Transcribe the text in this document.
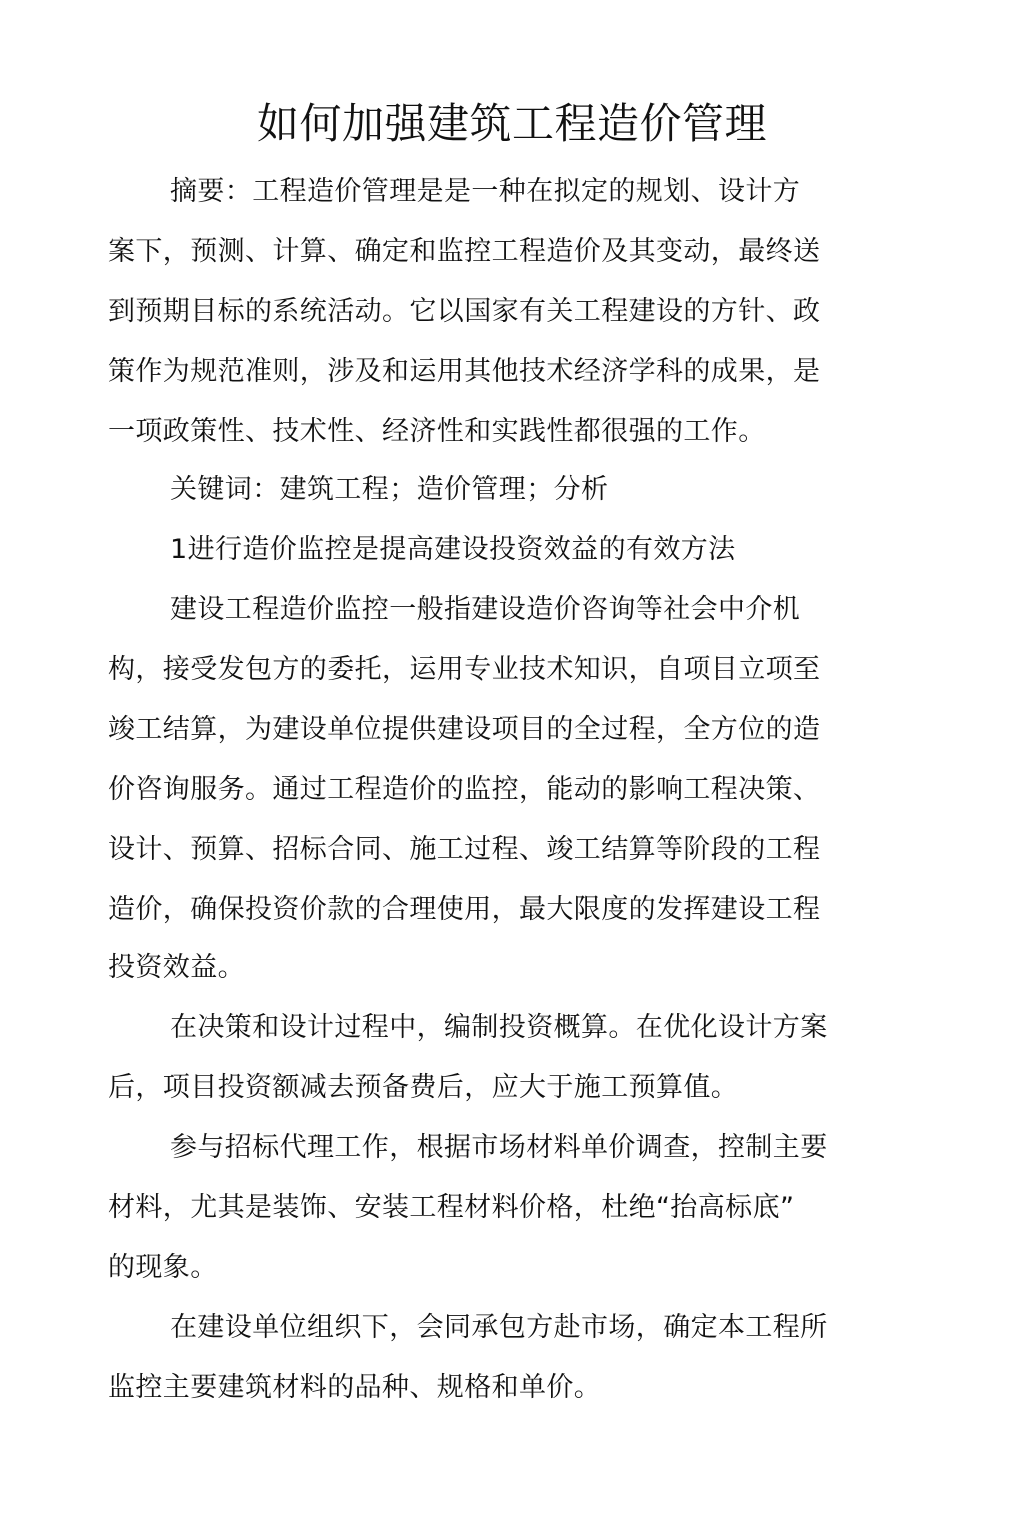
如何加强建筑工程造价管理

摘要：工程造价管理是是一种在拟定的规划、设计方

案下，预测、计算、确定和监控工程造价及其变动，最终送

到预期目标的系统活动。它以国家有关工程建设的方针、政

策作为规范准则，涉及和运用其他技术经济学科的成果，是

一项政策性、技术性、经济性和实践性都很强的工作。

关键词：建筑工程；造价管理；分析

1进行造价监控是提高建设投资效益的有效方法

建设工程造价监控一般指建设造价咨询等社会中介机

构，接受发包方的委托，运用专业技术知识，自项目立项至

竣工结算，为建设单位提供建设项目的全过程，全方位的造

价咨询服务。通过工程造价的监控，能动的影响工程决策、

设计、预算、招标合同、施工过程、竣工结算等阶段的工程

造价，确保投资价款的合理使用，最大限度的发挥建设工程

投资效益。

在决策和设计过程中，编制投资概算。在优化设计方案

后，项目投资额减去预备费后，应大于施工预算值。

参与招标代理工作，根据市场材料单价调查，控制主要

材料，尤其是装饰、安装工程材料价格，杜绝“抬高标底”

的现象。

在建设单位组织下，会同承包方赴市场，确定本工程所

监控主要建筑材料的品种、规格和单价。
